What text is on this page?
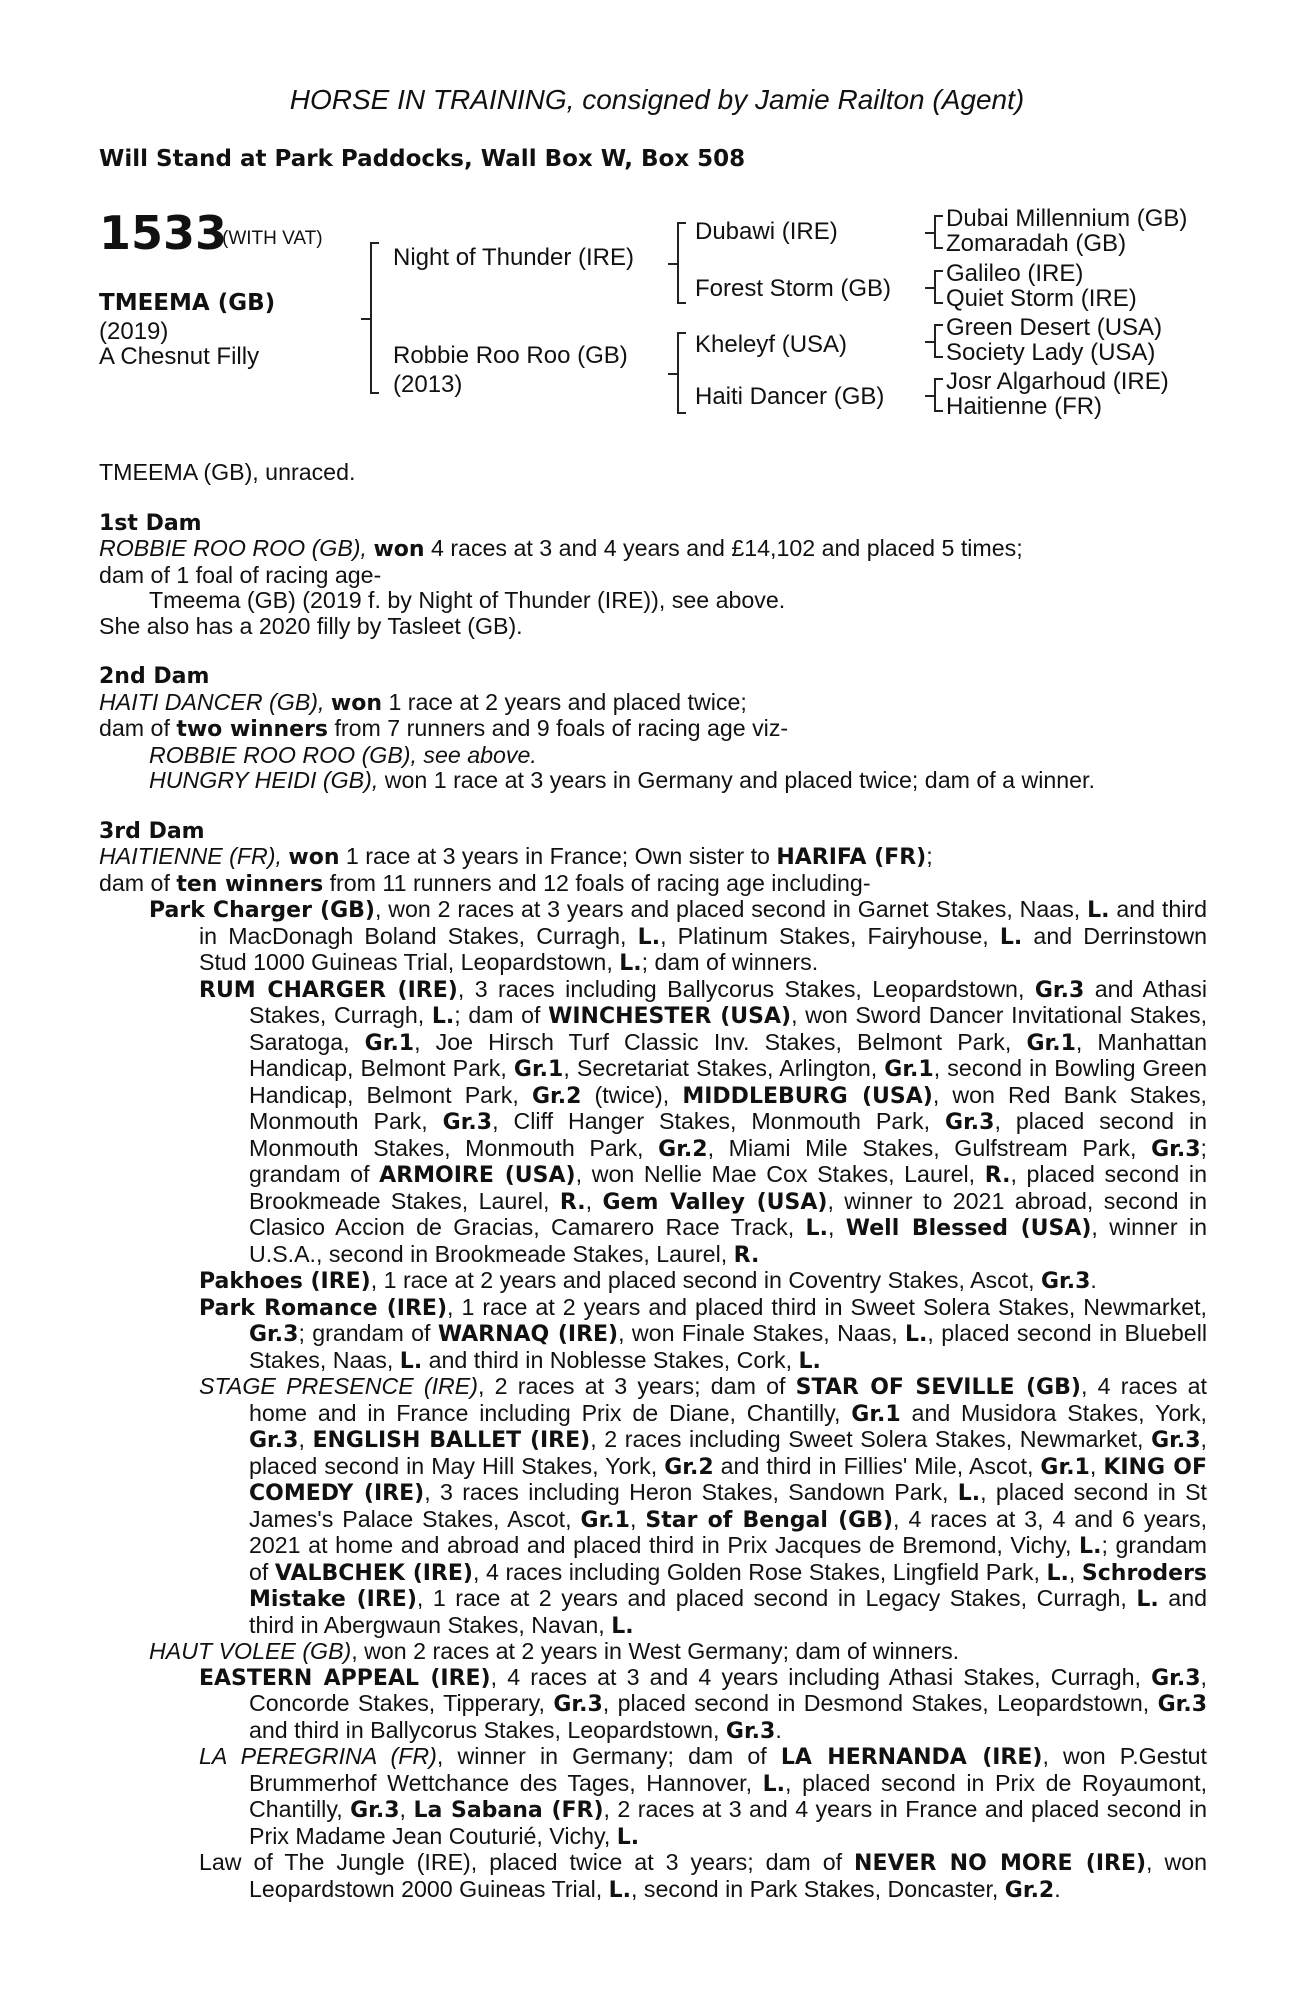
HORSE IN TRAINING, consigned by Jamie Railton (Agent)
Will Stand at Park Paddocks, Wall Box W, Box 508
1533
(WITH VAT)
TMEEMA (GB)
(2019)
A Chesnut Filly
Night of Thunder (IRE)
Robbie Roo Roo (GB)
(2013)
Dubawi (IRE)
Forest Storm (GB)
Kheleyf (USA)
Haiti Dancer (GB)
Dubai Millennium (GB)
Zomaradah (GB)
Galileo (IRE)
Quiet Storm (IRE)
Green Desert (USA)
Society Lady (USA)
Josr Algarhoud (IRE)
Haitienne (FR)

TMEEMA (GB), unraced.

1st Dam

ROBBIE ROO ROO (GB), won 4 races at 3 and 4 years and £14,102 and placed 5 times;

dam of 1 foal of racing age-

Tmeema (GB) (2019 f. by Night of Thunder (IRE)), see above.

She also has a 2020 filly by Tasleet (GB).

2nd Dam

HAITI DANCER (GB), won 1 race at 2 years and placed twice;

dam of two winners from 7 runners and 9 foals of racing age viz-

ROBBIE ROO ROO (GB), see above.

HUNGRY HEIDI (GB), won 1 race at 3 years in Germany and placed twice; dam of a winner.

3rd Dam

HAITIENNE (FR), won 1 race at 3 years in France; Own sister to HARIFA (FR);

dam of ten winners from 11 runners and 12 foals of racing age including-

Park Charger (GB), won 2 races at 3 years and placed second in Garnet Stakes, Naas, L. and third in MacDonagh Boland Stakes, Curragh, L., Platinum Stakes, Fairyhouse, L. and Derrinstown Stud 1000 Guineas Trial, Leopardstown, L.; dam of winners.

RUM CHARGER (IRE), 3 races including Ballycorus Stakes, Leopardstown, Gr.3 and Athasi Stakes, Curragh, L.; dam of WINCHESTER (USA), won Sword Dancer Invitational Stakes, Saratoga, Gr.1, Joe Hirsch Turf Classic Inv. Stakes, Belmont Park, Gr.1, Manhattan Handicap, Belmont Park, Gr.1, Secretariat Stakes, Arlington, Gr.1, second in Bowling Green Handicap, Belmont Park, Gr.2 (twice), MIDDLEBURG (USA), won Red Bank Stakes, Monmouth Park, Gr.3, Cliff Hanger Stakes, Monmouth Park, Gr.3, placed second in Monmouth Stakes, Monmouth Park, Gr.2, Miami Mile Stakes, Gulfstream Park, Gr.3; grandam of ARMOIRE (USA), won Nellie Mae Cox Stakes, Laurel, R., placed second in Brookmeade Stakes, Laurel, R., Gem Valley (USA), winner to 2021 abroad, second in Clasico Accion de Gracias, Camarero Race Track, L., Well Blessed (USA), winner in U.S.A., second in Brookmeade Stakes, Laurel, R.

Pakhoes (IRE), 1 race at 2 years and placed second in Coventry Stakes, Ascot, Gr.3.

Park Romance (IRE), 1 race at 2 years and placed third in Sweet Solera Stakes, Newmarket, Gr.3; grandam of WARNAQ (IRE), won Finale Stakes, Naas, L., placed second in Bluebell Stakes, Naas, L. and third in Noblesse Stakes, Cork, L.

STAGE PRESENCE (IRE), 2 races at 3 years; dam of STAR OF SEVILLE (GB), 4 races at home and in France including Prix de Diane, Chantilly, Gr.1 and Musidora Stakes, York, Gr.3, ENGLISH BALLET (IRE), 2 races including Sweet Solera Stakes, Newmarket, Gr.3, placed second in May Hill Stakes, York, Gr.2 and third in Fillies' Mile, Ascot, Gr.1, KING OF COMEDY (IRE), 3 races including Heron Stakes, Sandown Park, L., placed second in St James's Palace Stakes, Ascot, Gr.1, Star of Bengal (GB), 4 races at 3, 4 and 6 years, 2021 at home and abroad and placed third in Prix Jacques de Bremond, Vichy, L.; grandam of VALBCHEK (IRE), 4 races including Golden Rose Stakes, Lingfield Park, L., Schroders Mistake (IRE), 1 race at 2 years and placed second in Legacy Stakes, Curragh, L. and third in Abergwaun Stakes, Navan, L.

HAUT VOLEE (GB), won 2 races at 2 years in West Germany; dam of winners.

EASTERN APPEAL (IRE), 4 races at 3 and 4 years including Athasi Stakes, Curragh, Gr.3, Concorde Stakes, Tipperary, Gr.3, placed second in Desmond Stakes, Leopardstown, Gr.3 and third in Ballycorus Stakes, Leopardstown, Gr.3.

LA PEREGRINA (FR), winner in Germany; dam of LA HERNANDA (IRE), won P.Gestut Brummerhof Wettchance des Tages, Hannover, L., placed second in Prix de Royaumont, Chantilly, Gr.3, La Sabana (FR), 2 races at 3 and 4 years in France and placed second in Prix Madame Jean Couturié, Vichy, L.

Law of The Jungle (IRE), placed twice at 3 years; dam of NEVER NO MORE (IRE), won Leopardstown 2000 Guineas Trial, L., second in Park Stakes, Doncaster, Gr.2.
